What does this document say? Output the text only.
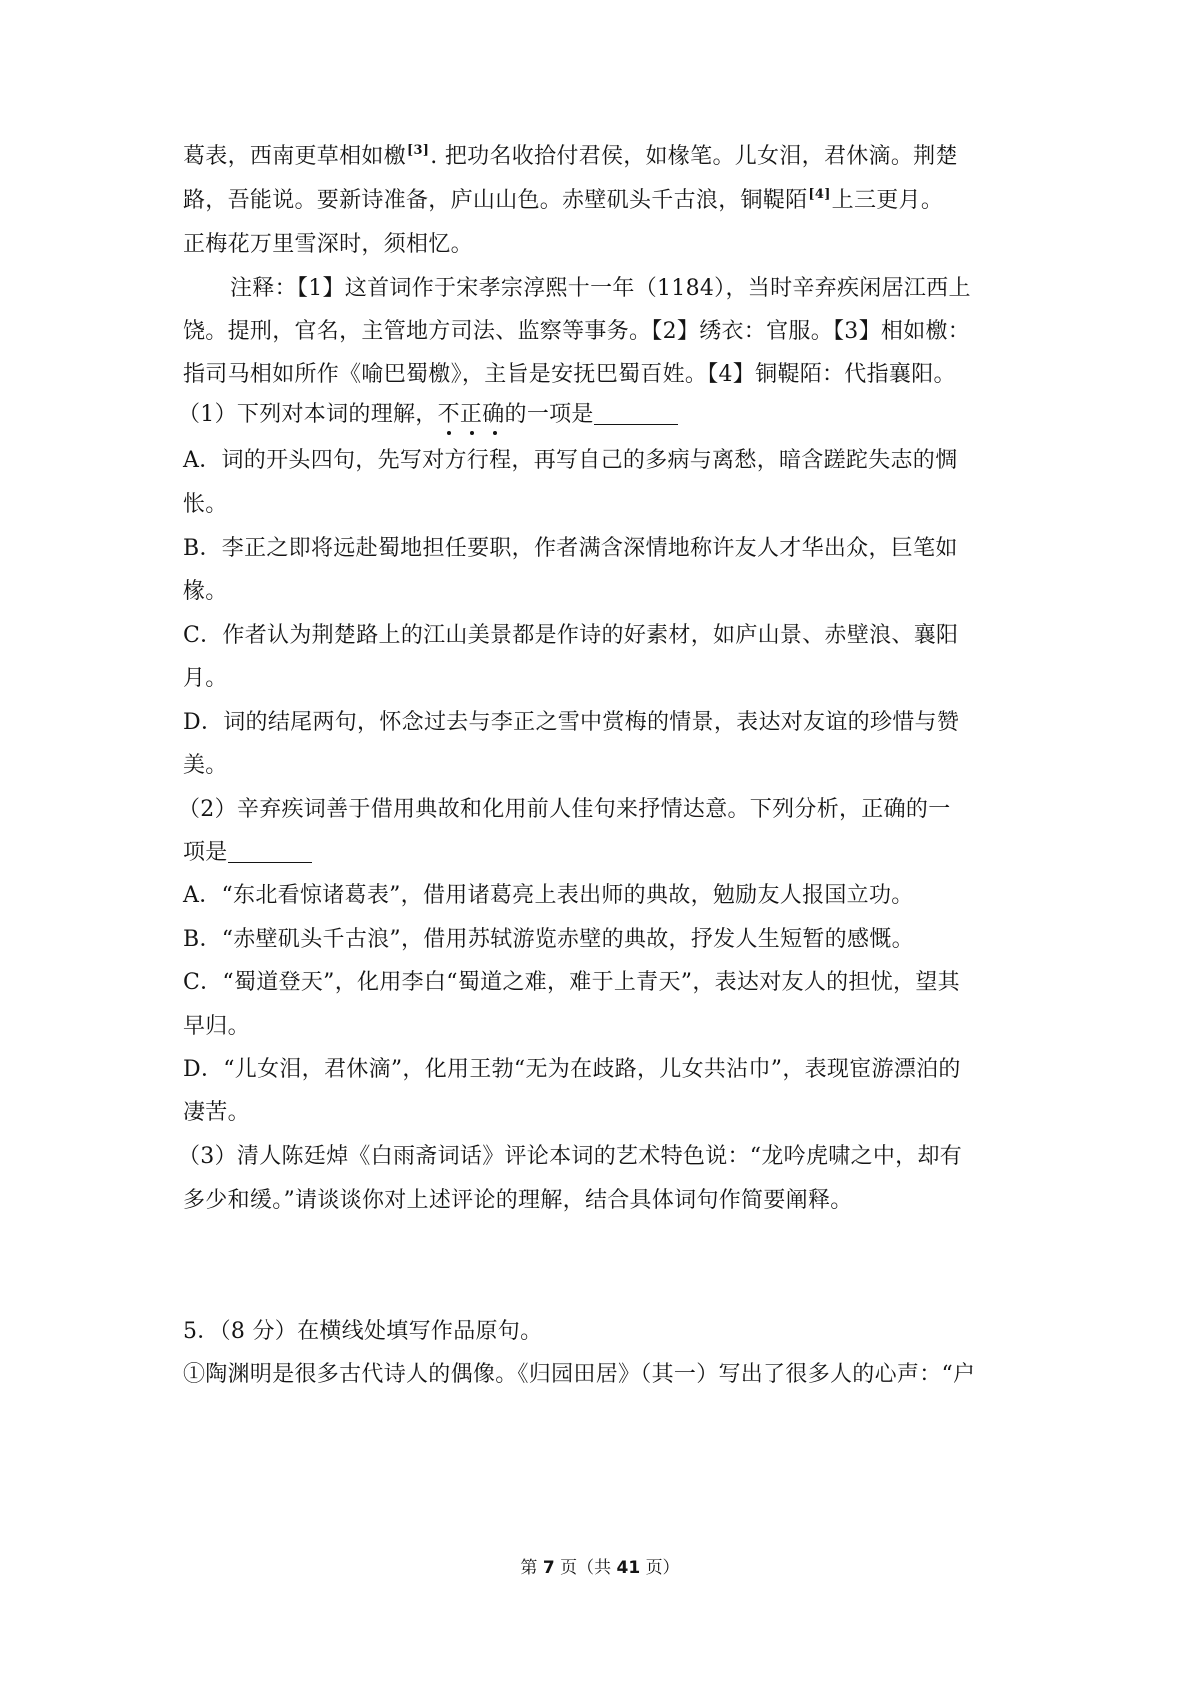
葛表，西南更草相如檄[3]. 把功名收拾付君侯，如椽笔。儿女泪，君休滴。荆楚
路，吾能说。要新诗准备，庐山山色。赤壁矶头千古浪，铜鞮陌[4]上三更月。
正梅花万里雪深时，须相忆。
注释：【1】这首词作于宋孝宗淳熙十一年（1184），当时辛弃疾闲居江西上
饶。提刑，官名，主管地方司法、监察等事务。【2】绣衣：官服。【3】相如檄：
指司马相如所作《喻巴蜀檄》，主旨是安抚巴蜀百姓。【4】铜鞮陌：代指襄阳。
（1）下列对本词的理解，不正确
的一项是
A．词的开头四句，先写对方行程，再写自己的多病与离愁，暗含蹉跎失志的惆
怅。
B．李正之即将远赴蜀地担任要职，作者满含深情地称许友人才华出众，巨笔如
椽。
C．作者认为荆楚路上的江山美景都是作诗的好素材，如庐山景、赤壁浪、襄阳
月。
D．词的结尾两句，怀念过去与李正之雪中赏梅的情景，表达对友谊的珍惜与赞
美。
（2）辛弃疾词善于借用典故和化用前人佳句来抒情达意。下列分析，正确的一
项是
A．“东北看惊诸葛表”，借用诸葛亮上表出师的典故，勉励友人报国立功。
B．“赤壁矶头千古浪”，借用苏轼游览赤壁的典故，抒发人生短暂的感慨。
C．“蜀道登天”，化用李白“蜀道之难，难于上青天”，表达对友人的担忧，望其
早归。
D．“儿女泪，君休滴”，化用王勃“无为在歧路，儿女共沾巾”，表现宦游漂泊的
凄苦。
（3）清人陈廷焯《白雨斋词话》评论本词的艺术特色说：“龙吟虎啸之中，却有
多少和缓。”请谈谈你对上述评论的理解，结合具体词句作简要阐释。
5．（8 分）在横线处填写作品原句。
①陶渊明是很多古代诗人的偶像。《归园田居》（其一）写出了很多人的心声：“户
第 7 页（共 41 页）
